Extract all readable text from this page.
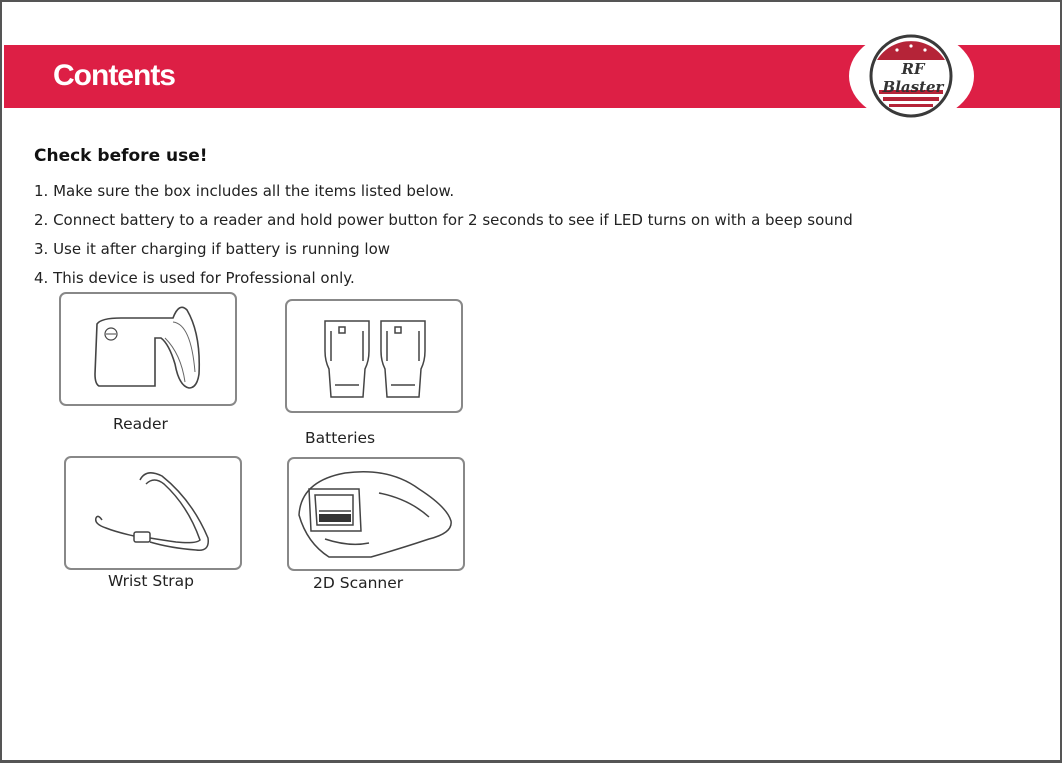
Contents	RF Blaster
Check before use!
1. Make sure the box includes all the items listed below.
2. Connect battery to a reader and hold power button for 2 seconds to see if LED turns on with a beep sound
3. Use it after charging if battery is running low
4. This device is used for Professional only.
Reader
Batteries
Wrist Strap	2D Scanner
